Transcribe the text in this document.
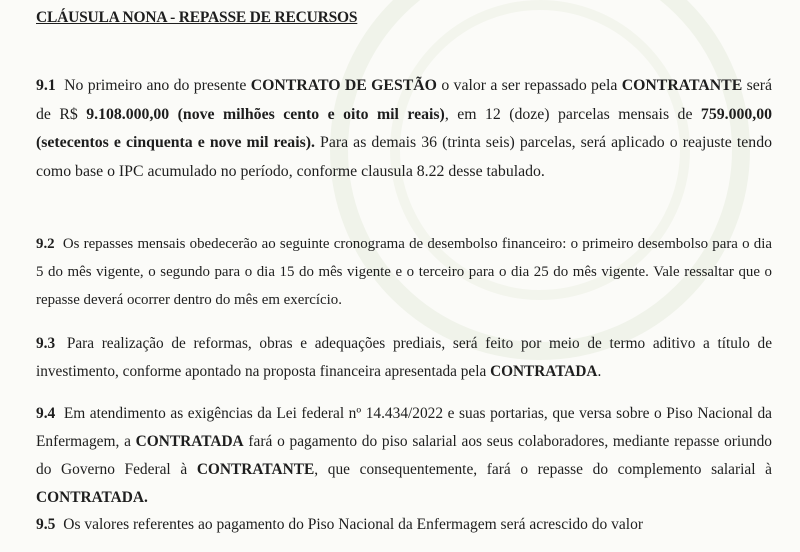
CLÁUSULA NONA - REPASSE DE RECURSOS
9.1 No primeiro ano do presente CONTRATO DE GESTÃO o valor a ser repassado pela CONTRATANTE será de R$ 9.108.000,00 (nove milhões cento e oito mil reais), em 12 (doze) parcelas mensais de 759.000,00 (setecentos e cinquenta e nove mil reais). Para as demais 36 (trinta seis) parcelas, será aplicado o reajuste tendo como base o IPC acumulado no período, conforme clausula 8.22 desse tabulado.
9.2 Os repasses mensais obedecerão ao seguinte cronograma de desembolso financeiro: o primeiro desembolso para o dia 5 do mês vigente, o segundo para o dia 15 do mês vigente e o terceiro para o dia 25 do mês vigente. Vale ressaltar que o repasse deverá ocorrer dentro do mês em exercício.
9.3 Para realização de reformas, obras e adequações prediais, será feito por meio de termo aditivo a título de investimento, conforme apontado na proposta financeira apresentada pela CONTRATADA.
9.4 Em atendimento as exigências da Lei federal nº 14.434/2022 e suas portarias, que versa sobre o Piso Nacional da Enfermagem, a CONTRATADA fará o pagamento do piso salarial aos seus colaboradores, mediante repasse oriundo do Governo Federal à CONTRATANTE, que consequentemente, fará o repasse do complemento salarial à CONTRATADA.
9.5 Os valores referentes ao pagamento do Piso Nacional da Enfermagem será acrescido do valor
